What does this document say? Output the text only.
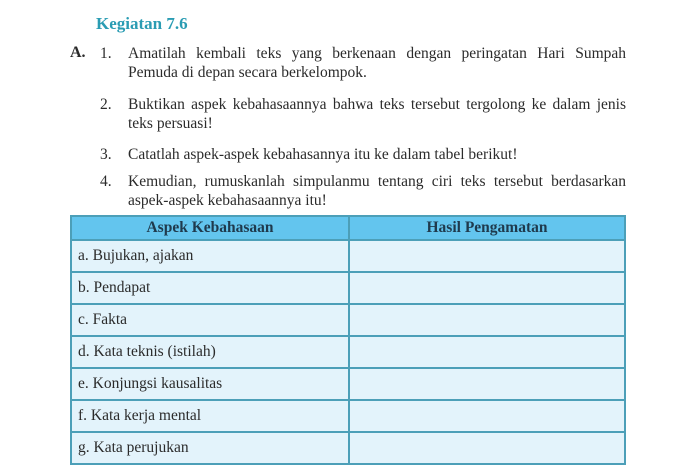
Kegiatan 7.6
A. 1.	Amatilah kembali teks yang berkenaan dengan peringatan Hari Sumpah Pemuda di depan secara berkelompok.
2.	Buktikan aspek kebahasaannya bahwa teks tersebut tergolong ke dalam jenis teks persuasi!
3.	Catatlah aspek-aspek kebahasannya itu ke dalam tabel berikut!
4.	Kemudian, rumuskanlah simpulanmu tentang ciri teks tersebut berdasarkan aspek-aspek kebahasaannya itu!
Aspek Kebahasaan	Hasil Pengamatan
a. Bujukan, ajakan	
b. Pendapat	
c. Fakta	
d. Kata teknis (istilah)	
e. Konjungsi kausalitas	
f. Kata kerja mental	
g. Kata perujukan	
